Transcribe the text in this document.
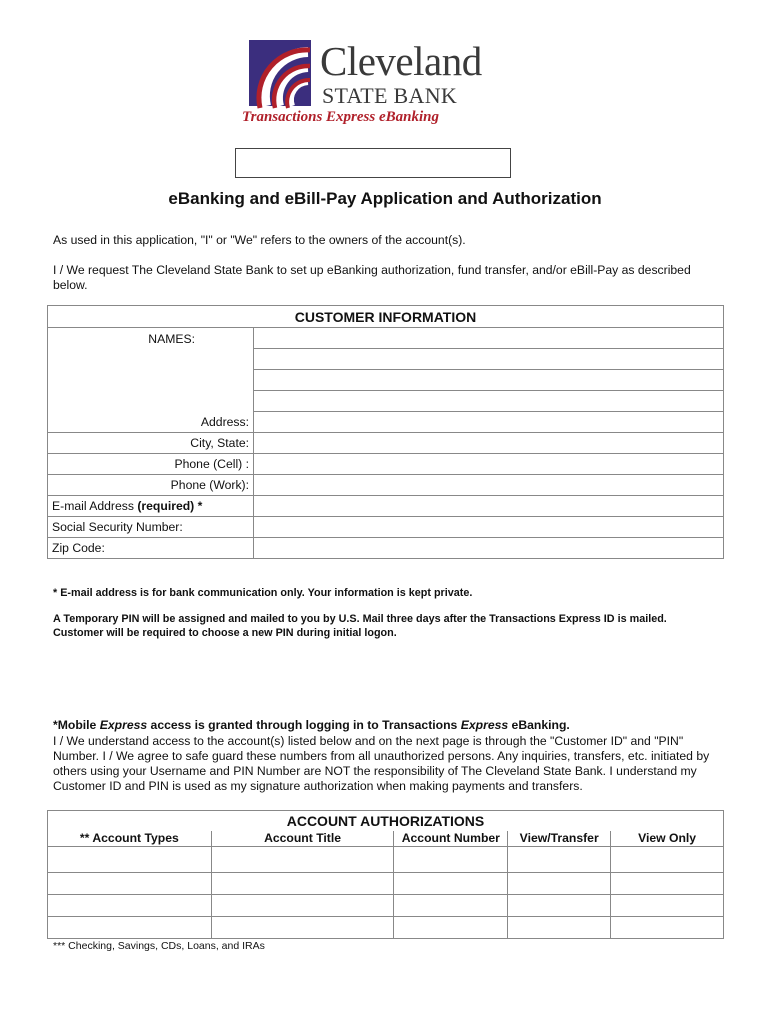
Cleveland
STATE BANK
Transactions Express eBanking
eBanking and eBill-Pay Application and Authorization
As used in this application, "I" or "We" refers to the owners of the account(s).
I / We request The Cleveland State Bank to set up eBanking authorization, fund transfer, and/or eBill-Pay as described below.
CUSTOMER INFORMATION	
NAMES:	

Address:	
City, State:	
Phone (Cell) :	
Phone (Work):	
E-mail Address (required) *	
Social Security Number:	
Zip Code:	
* E-mail address is for bank communication only. Your information is kept private.
A Temporary PIN will be assigned and mailed to you by U.S. Mail three days after the Transactions Express ID is mailed.
Customer will be required to choose a new PIN during initial logon.
*Mobile Express access is granted through logging in to Transactions Express eBanking.
I / We understand access to the account(s) listed below and on the next page is through the "Customer ID" and "PIN" Number. I / We agree to safe guard these numbers from all unauthorized persons. Any inquiries, transfers, etc. initiated by others using your Username and PIN Number are NOT the responsibility of The Cleveland State Bank. I understand my Customer ID and PIN is used as my signature authorization when making payments and transfers.
ACCOUNT AUTHORIZATIONS				
** Account Types	Account Title	Account Number	View/Transfer	View Only

*** Checking, Savings, CDs, Loans, and IRAs
